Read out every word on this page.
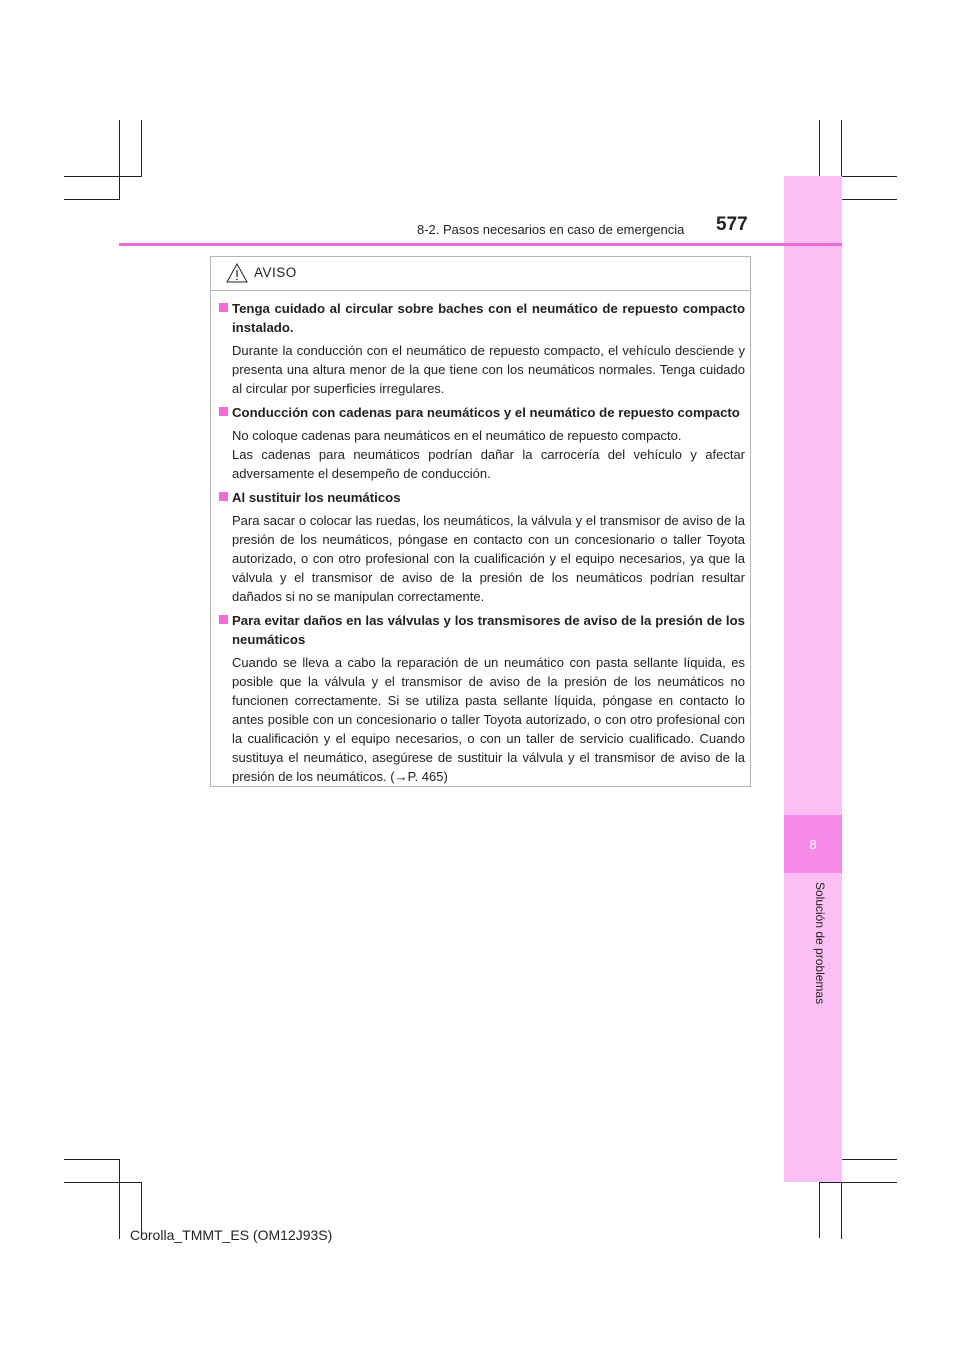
8
Solución de problemas
8-2. Pasos necesarios en caso de emergencia 577
AVISO
Tenga cuidado al circular sobre baches con el neumático de repuesto compacto instalado.
Durante la conducción con el neumático de repuesto compacto, el vehículo desciende y presenta una altura menor de la que tiene con los neumáticos normales. Tenga cuidado al circular por superficies irregulares.
Conducción con cadenas para neumáticos y el neumático de repuesto compacto
No coloque cadenas para neumáticos en el neumático de repuesto compacto.
Las cadenas para neumáticos podrían dañar la carrocería del vehículo y afectar adversamente el desempeño de conducción.
Al sustituir los neumáticos
Para sacar o colocar las ruedas, los neumáticos, la válvula y el transmisor de aviso de la presión de los neumáticos, póngase en contacto con un concesionario o taller Toyota autorizado, o con otro profesional con la cualificación y el equipo necesarios, ya que la válvula y el transmisor de aviso de la presión de los neumáticos podrían resultar dañados si no se manipulan correctamente.
Para evitar daños en las válvulas y los transmisores de aviso de la presión de los neumáticos
Cuando se lleva a cabo la reparación de un neumático con pasta sellante líquida, es posible que la válvula y el transmisor de aviso de la presión de los neumáticos no funcionen correctamente. Si se utiliza pasta sellante líquida, póngase en contacto lo antes posible con un concesionario o taller Toyota autorizado, o con otro profesional con la cualificación y el equipo necesarios, o con un taller de servicio cualificado. Cuando sustituya el neumático, asegúrese de sustituir la válvula y el transmisor de aviso de la presión de los neumáticos. (→P. 465)
Corolla_TMMT_ES (OM12J93S)
